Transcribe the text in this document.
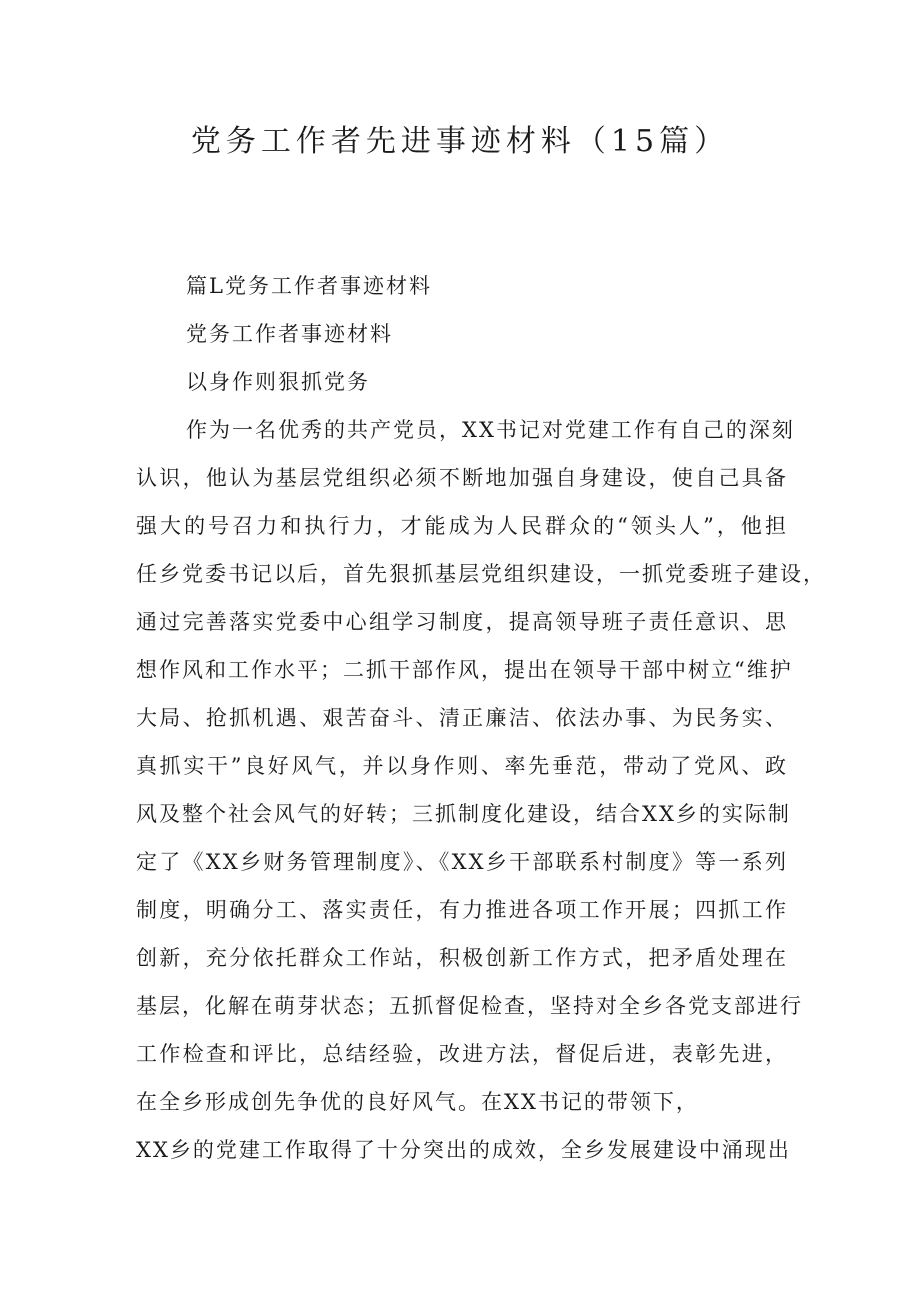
党务工作者先进事迹材料（15篇）

篇L党务工作者事迹材料

党务工作者事迹材料

以身作则狠抓党务

作为一名优秀的共产党员，XX书记对党建工作有自己的深刻

认识，他认为基层党组织必须不断地加强自身建设，使自己具备

强大的号召力和执行力，才能成为人民群众的“领头人”，他担

任乡党委书记以后，首先狠抓基层党组织建设，一抓党委班子建设，

通过完善落实党委中心组学习制度，提高领导班子责任意识、思

想作风和工作水平；二抓干部作风，提出在领导干部中树立“维护

大局、抢抓机遇、艰苦奋斗、清正廉洁、依法办事、为民务实、

真抓实干”良好风气，并以身作则、率先垂范，带动了党风、政

风及整个社会风气的好转；三抓制度化建设，结合XX乡的实际制

定了《XX乡财务管理制度》、《XX乡干部联系村制度》等一系列

制度，明确分工、落实责任，有力推进各项工作开展；四抓工作

创新，充分依托群众工作站，积极创新工作方式，把矛盾处理在

基层，化解在萌芽状态；五抓督促检查，坚持对全乡各党支部进行

工作检查和评比，总结经验，改进方法，督促后进，表彰先进，

在全乡形成创先争优的良好风气。在XX书记的带领下，

XX乡的党建工作取得了十分突出的成效，全乡发展建设中涌现出
